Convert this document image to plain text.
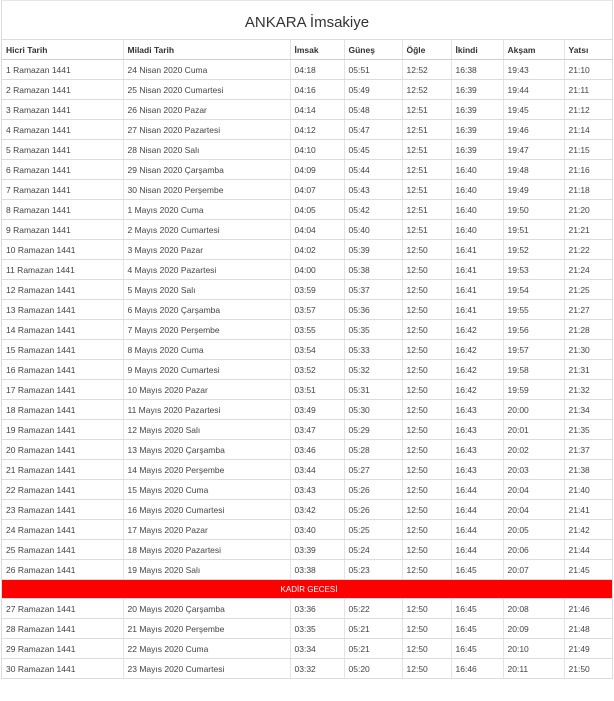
ANKARA İmsakiye
Hicri Tarih	Miladi Tarih	İmsak	Güneş	Öğle	İkindi	Akşam	Yatsı
1 Ramazan 1441	24 Nisan 2020 Cuma	04:18	05:51	12:52	16:38	19:43	21:10
2 Ramazan 1441	25 Nisan 2020 Cumartesi	04:16	05:49	12:52	16:39	19:44	21:11
3 Ramazan 1441	26 Nisan 2020 Pazar	04:14	05:48	12:51	16:39	19:45	21:12
4 Ramazan 1441	27 Nisan 2020 Pazartesi	04:12	05:47	12:51	16:39	19:46	21:14
5 Ramazan 1441	28 Nisan 2020 Salı	04:10	05:45	12:51	16:39	19:47	21:15
6 Ramazan 1441	29 Nisan 2020 Çarşamba	04:09	05:44	12:51	16:40	19:48	21:16
7 Ramazan 1441	30 Nisan 2020 Perşembe	04:07	05:43	12:51	16:40	19:49	21:18
8 Ramazan 1441	1 Mayıs 2020 Cuma	04:05	05:42	12:51	16:40	19:50	21:20
9 Ramazan 1441	2 Mayıs 2020 Cumartesi	04:04	05:40	12:51	16:40	19:51	21:21
10 Ramazan 1441	3 Mayıs 2020 Pazar	04:02	05:39	12:50	16:41	19:52	21:22
11 Ramazan 1441	4 Mayıs 2020 Pazartesi	04:00	05:38	12:50	16:41	19:53	21:24
12 Ramazan 1441	5 Mayıs 2020 Salı	03:59	05:37	12:50	16:41	19:54	21:25
13 Ramazan 1441	6 Mayıs 2020 Çarşamba	03:57	05:36	12:50	16:41	19:55	21:27
14 Ramazan 1441	7 Mayıs 2020 Perşembe	03:55	05:35	12:50	16:42	19:56	21:28
15 Ramazan 1441	8 Mayıs 2020 Cuma	03:54	05:33	12:50	16:42	19:57	21:30
16 Ramazan 1441	9 Mayıs 2020 Cumartesi	03:52	05:32	12:50	16:42	19:58	21:31
17 Ramazan 1441	10 Mayıs 2020 Pazar	03:51	05:31	12:50	16:42	19:59	21:32
18 Ramazan 1441	11 Mayıs 2020 Pazartesi	03:49	05:30	12:50	16:43	20:00	21:34
19 Ramazan 1441	12 Mayıs 2020 Salı	03:47	05:29	12:50	16:43	20:01	21:35
20 Ramazan 1441	13 Mayıs 2020 Çarşamba	03:46	05:28	12:50	16:43	20:02	21:37
21 Ramazan 1441	14 Mayıs 2020 Perşembe	03:44	05:27	12:50	16:43	20:03	21:38
22 Ramazan 1441	15 Mayıs 2020 Cuma	03:43	05:26	12:50	16:44	20:04	21:40
23 Ramazan 1441	16 Mayıs 2020 Cumartesi	03:42	05:26	12:50	16:44	20:04	21:41
24 Ramazan 1441	17 Mayıs 2020 Pazar	03:40	05:25	12:50	16:44	20:05	21:42
25 Ramazan 1441	18 Mayıs 2020 Pazartesi	03:39	05:24	12:50	16:44	20:06	21:44
26 Ramazan 1441	19 Mayıs 2020 Salı	03:38	05:23	12:50	16:45	20:07	21:45
KADİR GECESİ							
27 Ramazan 1441	20 Mayıs 2020 Çarşamba	03:36	05:22	12:50	16:45	20:08	21:46
28 Ramazan 1441	21 Mayıs 2020 Perşembe	03:35	05:21	12:50	16:45	20:09	21:48
29 Ramazan 1441	22 Mayıs 2020 Cuma	03:34	05:21	12:50	16:45	20:10	21:49
30 Ramazan 1441	23 Mayıs 2020 Cumartesi	03:32	05:20	12:50	16:46	20:11	21:50
